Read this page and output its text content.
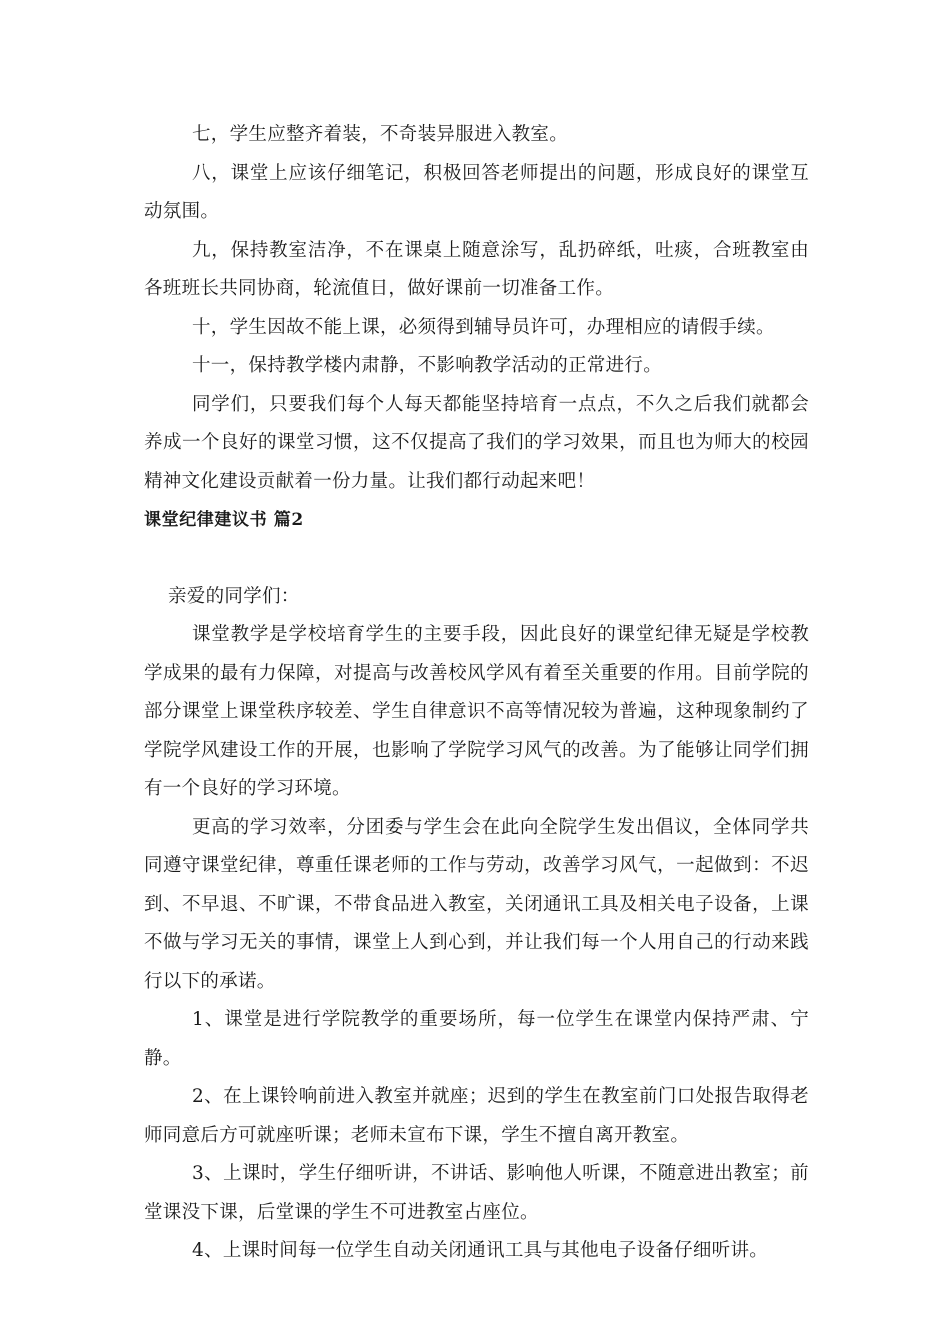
七，学生应整齐着装，不奇装异服进入教室。

八，课堂上应该仔细笔记，积极回答老师提出的问题，形成良好的课堂互动氛围。

九，保持教室洁净，不在课桌上随意涂写，乱扔碎纸，吐痰，合班教室由各班班长共同协商，轮流值日，做好课前一切准备工作。

十，学生因故不能上课，必须得到辅导员许可，办理相应的请假手续。

十一，保持教学楼内肃静，不影响教学活动的正常进行。

同学们，只要我们每个人每天都能坚持培育一点点，不久之后我们就都会养成一个良好的课堂习惯，这不仅提高了我们的学习效果，而且也为师大的校园精神文化建设贡献着一份力量。让我们都行动起来吧！

课堂纪律建议书 篇2

亲爱的同学们：

课堂教学是学校培育学生的主要手段，因此良好的课堂纪律无疑是学校教学成果的最有力保障，对提高与改善校风学风有着至关重要的作用。目前学院的部分课堂上课堂秩序较差、学生自律意识不高等情况较为普遍，这种现象制约了学院学风建设工作的开展，也影响了学院学习风气的改善。为了能够让同学们拥有一个良好的学习环境。

更高的学习效率，分团委与学生会在此向全院学生发出倡议，全体同学共同遵守课堂纪律，尊重任课老师的工作与劳动，改善学习风气，一起做到：不迟到、不早退、不旷课，不带食品进入教室，关闭通讯工具及相关电子设备，上课不做与学习无关的事情，课堂上人到心到，并让我们每一个人用自己的行动来践行以下的承诺。

1、课堂是进行学院教学的重要场所，每一位学生在课堂内保持严肃、宁静。

2、在上课铃响前进入教室并就座；迟到的学生在教室前门口处报告取得老师同意后方可就座听课；老师未宣布下课，学生不擅自离开教室。

3、上课时，学生仔细听讲，不讲话、影响他人听课，不随意进出教室；前堂课没下课，后堂课的学生不可进教室占座位。

4、上课时间每一位学生自动关闭通讯工具与其他电子设备仔细听讲。
